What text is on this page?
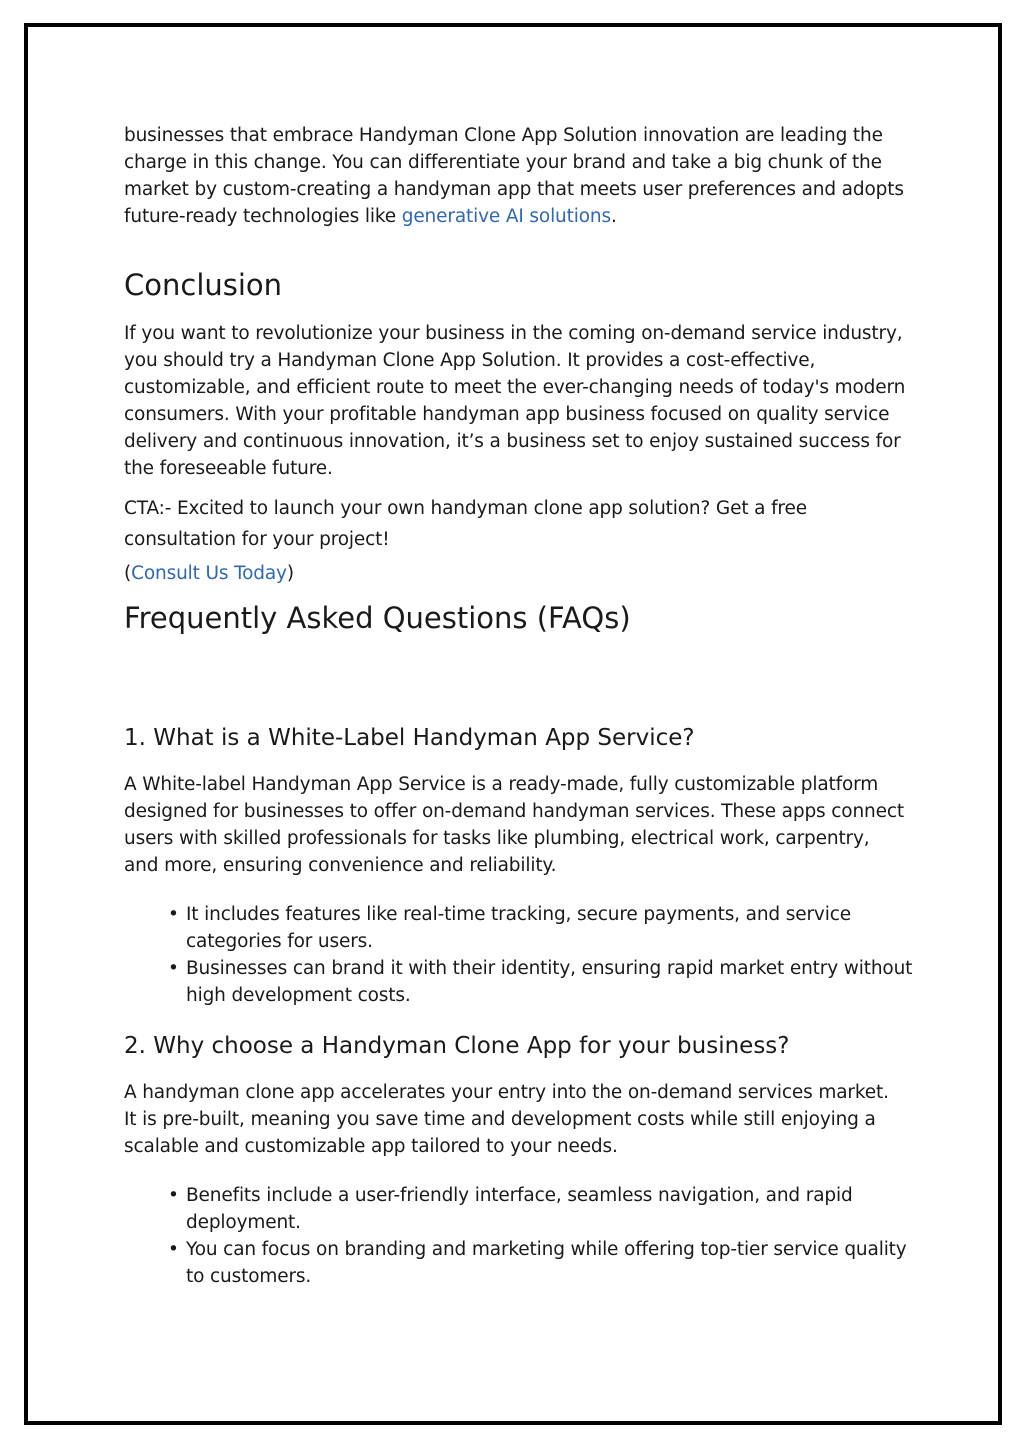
businesses that embrace Handyman Clone App Solution innovation are leading the charge in this change. You can differentiate your brand and take a big chunk of the market by custom-creating a handyman app that meets user preferences and adopts future-ready technologies like generative AI solutions.

Conclusion

If you want to revolutionize your business in the coming on-demand service industry, you should try a Handyman Clone App Solution. It provides a cost-effective, customizable, and efficient route to meet the ever-changing needs of today's modern consumers. With your profitable handyman app business focused on quality service delivery and continuous innovation, it’s a business set to enjoy sustained success for the foreseeable future.

CTA:- Excited to launch your own handyman clone app solution? Get a free consultation for your project!

(Consult Us Today)

Frequently Asked Questions (FAQs)
1. What is a White-Label Handyman App Service?

A White-label Handyman App Service is a ready-made, fully customizable platform designed for businesses to offer on-demand handyman services. These apps connect users with skilled professionals for tasks like plumbing, electrical work, carpentry, and more, ensuring convenience and reliability.

• It includes features like real-time tracking, secure payments, and service categories for users.
• Businesses can brand it with their identity, ensuring rapid market entry without high development costs.
2. Why choose a Handyman Clone App for your business?

A handyman clone app accelerates your entry into the on-demand services market.

It is pre-built, meaning you save time and development costs while still enjoying a scalable and customizable app tailored to your needs.

• Benefits include a user-friendly interface, seamless navigation, and rapid deployment.
• You can focus on branding and marketing while offering top-tier service quality to customers.
